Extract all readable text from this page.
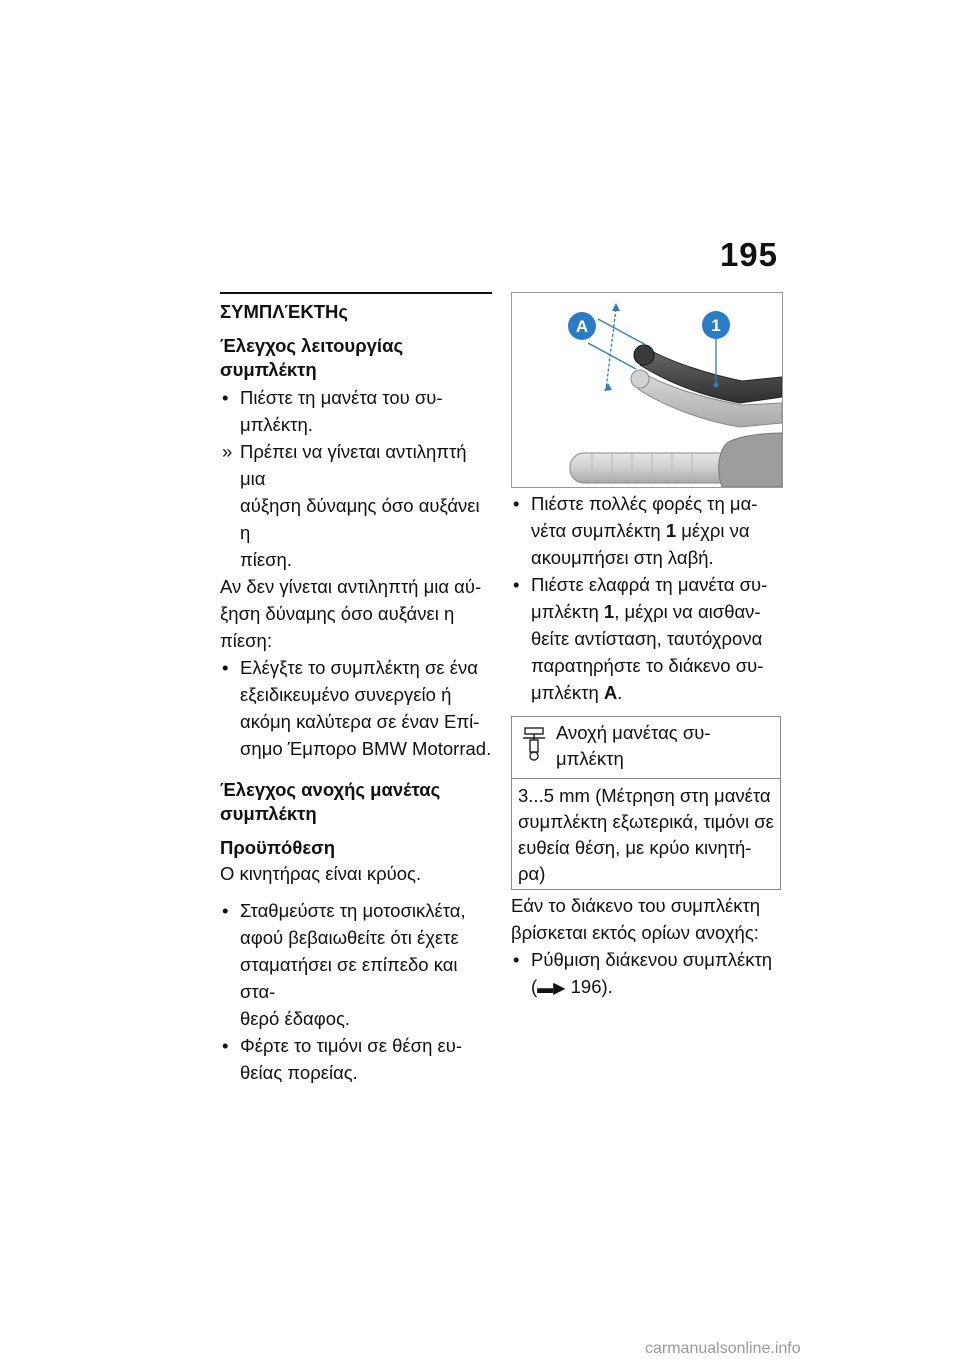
195
ΣΥΜΠΛΈΚΤΗς
Έλεγχος λειτουργίας
συμπλέκτη
• Πιέστε τη μανέτα του συ-
μπλέκτη.
» Πρέπει να γίνεται αντιληπτή μια
αύξηση δύναμης όσο αυξάνει η
πίεση.
Αν δεν γίνεται αντιληπτή μια αύ-
ξηση δύναμης όσο αυξάνει η
πίεση:
• Ελέγξτε το συμπλέκτη σε ένα
εξειδικευμένο συνεργείο ή
ακόμη καλύτερα σε έναν Επί-
σημο Έμπορο BMW Motorrad.
Έλεγχος ανοχής μανέτας
συμπλέκτη
Προϋπόθεση
Ο κινητήρας είναι κρύος.
• Σταθμεύστε τη μοτοσικλέτα,
αφού βεβαιωθείτε ότι έχετε
σταματήσει σε επίπεδο και στα-
θερό έδαφος.
• Φέρτε το τιμόνι σε θέση ευ-
θείας πορείας.
A	1
• Πιέστε πολλές φορές τη μα-
νέτα συμπλέκτη 1 μέχρι να
ακουμπήσει στη λαβή.
• Πιέστε ελαφρά τη μανέτα συ-
μπλέκτη 1, μέχρι να αισθαν-
θείτε αντίσταση, ταυτόχρονα
παρατηρήστε το διάκενο συ-
μπλέκτη A.
Ανοχή μανέτας συ-
μπλέκτη
3...5 mm (Μέτρηση στη μανέτα
συμπλέκτη εξωτερικά, τιμόνι σε
ευθεία θέση, με κρύο κινητή-
ρα)
Εάν το διάκενο του συμπλέκτη
βρίσκεται εκτός ορίων ανοχής:
• Ρύθμιση διάκενου συμπλέκτη
(▬▶ 196).
carmanualsonline.info
